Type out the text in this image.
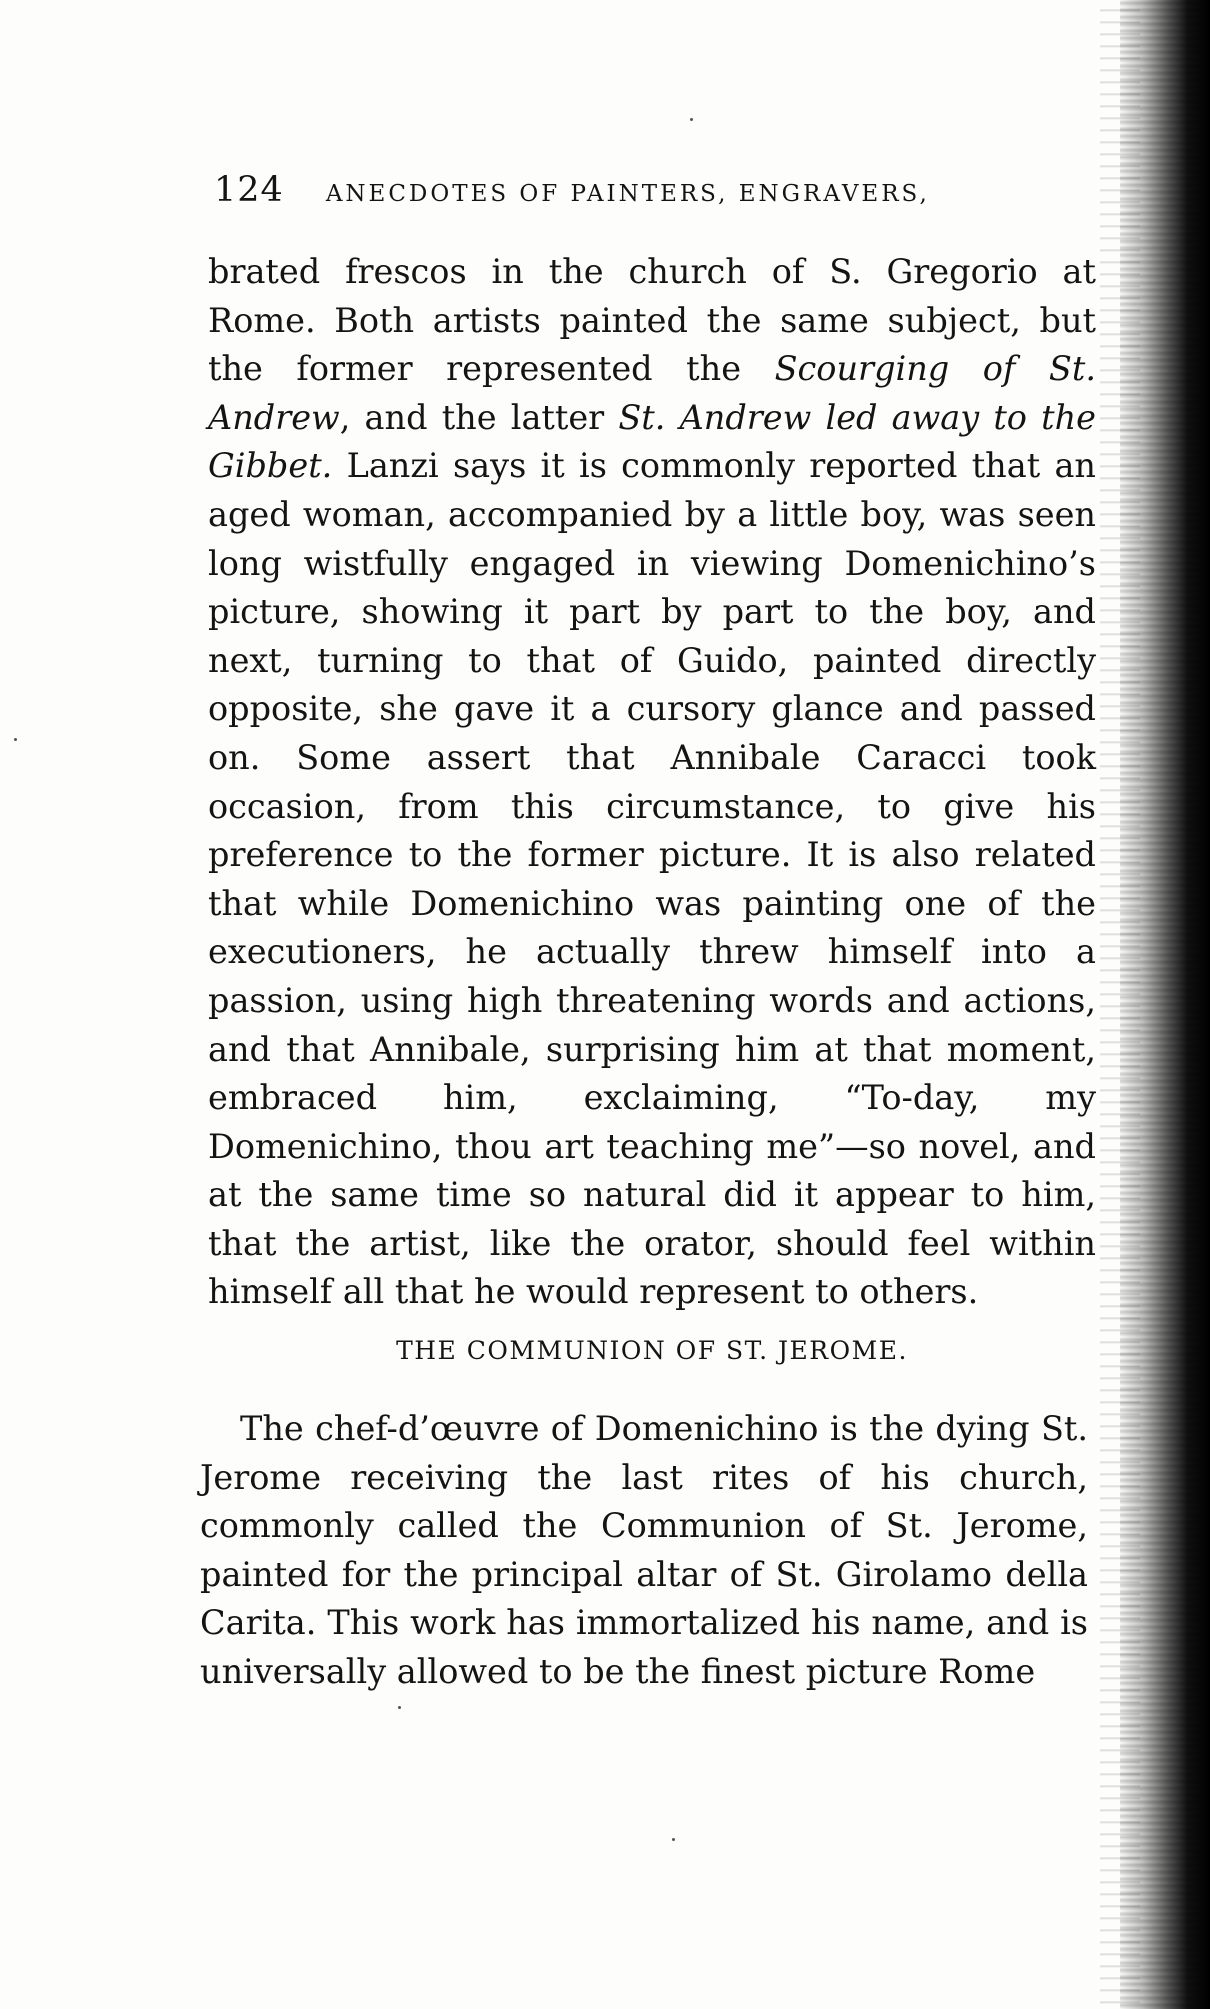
124 ANECDOTES OF PAINTERS, ENGRAVERS,

brated frescos in the church of S. Gregorio at Rome. Both artists painted the same subject, but the former represented the Scourging of St. Andrew, and the latter St. Andrew led away to the Gibbet. Lanzi says it is commonly reported that an aged woman, accompanied by a little boy, was seen long wistfully engaged in viewing Domenichino’s picture, showing it part by part to the boy, and next, turning to that of Guido, painted directly opposite, she gave it a cursory glance and passed on. Some assert that Annibale Caracci took occasion, from this circumstance, to give his preference to the former picture. It is also related that while Domenichino was painting one of the executioners, he actually threw himself into a passion, using high threatening words and actions, and that Annibale, surprising him at that moment, embraced him, exclaiming, “To-day, my Domenichino, thou art teaching me”—so novel, and at the same time so natural did it appear to him, that the artist, like the orator, should feel within himself all that he would represent to others.

THE COMMUNION OF ST. JEROME.

The chef-d’œuvre of Domenichino is the dying St. Jerome receiving the last rites of his church, commonly called the Communion of St. Jerome, painted for the principal altar of St. Girolamo della Carita. This work has immortalized his name, and is universally allowed to be the finest picture Rome
